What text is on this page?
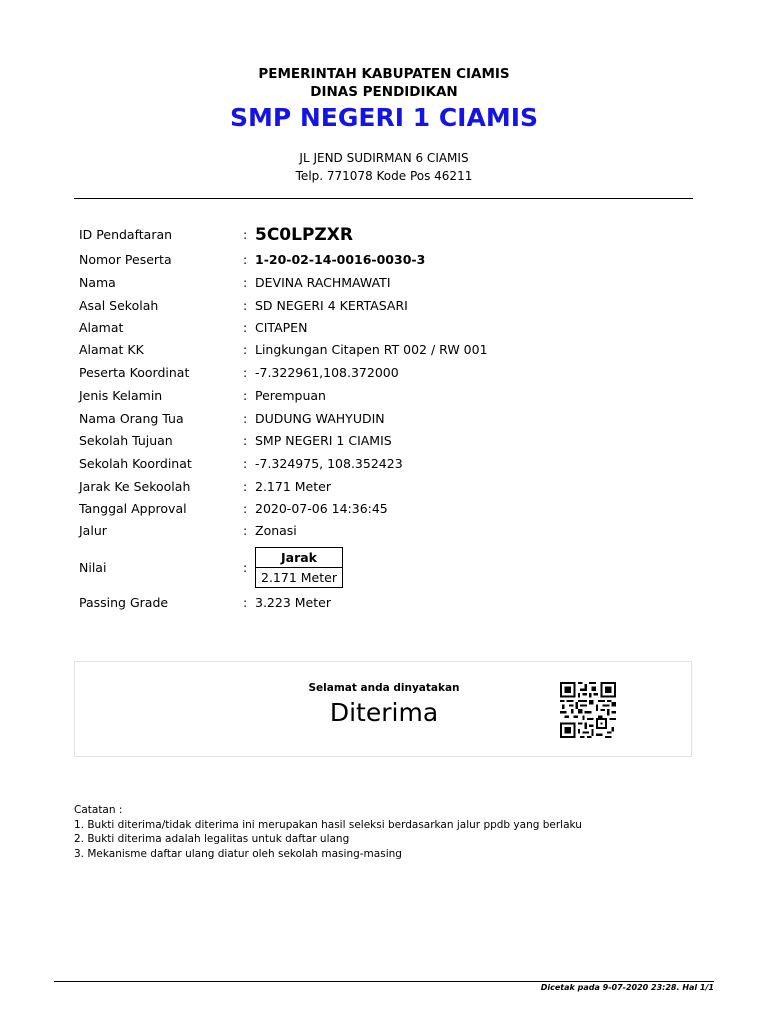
PEMERINTAH KABUPATEN CIAMIS
DINAS PENDIDIKAN
SMP NEGERI 1 CIAMIS
JL JEND SUDIRMAN 6 CIAMIS
Telp. 771078 Kode Pos 46211
ID Pendaftaran	: 5C0LPZXR
Nomor Peserta	: 1-20-02-14-0016-0030-3
Nama	: DEVINA RACHMAWATI
Asal Sekolah	: SD NEGERI 4 KERTASARI
Alamat	: CITAPEN
Alamat KK	: Lingkungan Citapen RT 002 / RW 001
Peserta Koordinat	: -7.322961,108.372000
Jenis Kelamin	: Perempuan
Nama Orang Tua	: DUDUNG WAHYUDIN
Sekolah Tujuan	: SMP NEGERI 1 CIAMIS
Sekolah Koordinat	: -7.324975, 108.352423
Jarak Ke Sekoolah	: 2.171 Meter
Tanggal Approval	: 2020-07-06 14:36:45
Jalur	: Zonasi
Nilai	:
Jarak
2.171 Meter
Passing Grade	: 3.223 Meter
Selamat anda dinyatakan
Diterima
Catatan :
1. Bukti diterima/tidak diterima ini merupakan hasil seleksi berdasarkan jalur ppdb yang berlaku
2. Bukti diterima adalah legalitas untuk daftar ulang
3. Mekanisme daftar ulang diatur oleh sekolah masing-masing
Dicetak pada 9-07-2020 23:28. Hal 1/1
